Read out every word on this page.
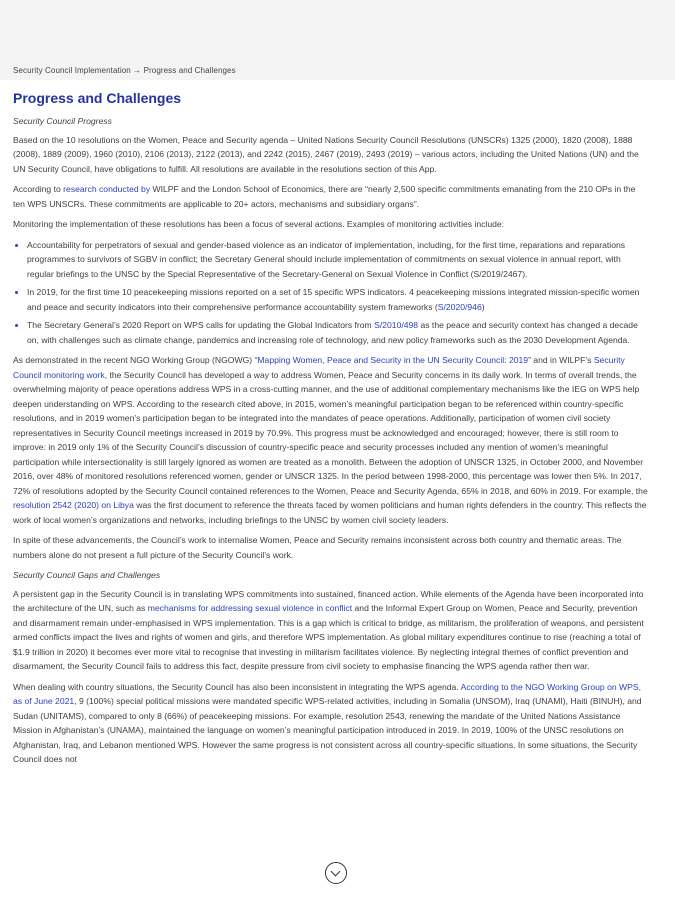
Security Council Implementation → Progress and Challenges
Progress and Challenges

Security Council Progress

Based on the 10 resolutions on the Women, Peace and Security agenda – United Nations Security Council Resolutions (UNSCRs) 1325 (2000), 1820 (2008), 1888 (2008), 1889 (2009), 1960 (2010), 2106 (2013), 2122 (2013), and 2242 (2015), 2467 (2019), 2493 (2019) – various actors, including the United Nations (UN) and the UN Security Council, have obligations to fulfill. All resolutions are available in the resolutions section of this App.

According to research conducted by WILPF and the London School of Economics, there are “nearly 2,500 specific commitments emanating from the 210 OPs in the ten WPS UNSCRs. These commitments are applicable to 20+ actors, mechanisms and subsidiary organs”.

Monitoring the implementation of these resolutions has been a focus of several actions. Examples of monitoring activities include:

Accountability for perpetrators of sexual and gender-based violence as an indicator of implementation, including, for the first time, reparations and reparations programmes to survivors of SGBV in conflict; the Secretary General should include implementation of commitments on sexual violence in annual report, with regular briefings to the UNSC by the Special Representative of the Secretary-General on Sexual Violence in Conflict (S/2019/2467).
In 2019, for the first time 10 peacekeeping missions reported on a set of 15 specific WPS indicators. 4 peacekeeping missions integrated mission-specific women and peace and security indicators into their comprehensive performance accountability system frameworks (S/2020/946)
The Secretary General’s 2020 Report on WPS calls for updating the Global Indicators from S/2010/498 as the peace and security context has changed a decade on, with challenges such as climate change, pandemics and increasing role of technology, and new policy frameworks such as the 2030 Development Agenda.

As demonstrated in the recent NGO Working Group (NGOWG) “Mapping Women, Peace and Security in the UN Security Council: 2019” and in WILPF’s Security Council monitoring work, the Security Council has developed a way to address Women, Peace and Security concerns in its daily work. In terms of overall trends, the overwhelming majority of peace operations address WPS in a cross-cutting manner, and the use of additional complementary mechanisms like the IEG on WPS help deepen understanding on WPS. According to the research cited above, in 2015, women’s meaningful participation began to be referenced within country-specific resolutions, and in 2019 women’s participation began to be integrated into the mandates of peace operations. Additionally, participation of women civil society representatives in Security Council meetings increased in 2019 by 70.9%. This progress must be acknowledged and encouraged; however, there is still room to improve: in 2019 only 1% of the Security Council’s discussion of country-specific peace and security processes included any mention of women’s meaningful participation while intersectionality is still largely ignored as women are treated as a monolith. Between the adoption of UNSCR 1325, in October 2000, and November 2016, over 48% of monitored resolutions referenced women, gender or UNSCR 1325. In the period between 1998-2000, this percentage was lower then 5%. In 2017, 72% of resolutions adopted by the Security Council contained references to the Women, Peace and Security Agenda, 65% in 2018, and 60% in 2019. For example, the resolution 2542 (2020) on Libya was the first document to reference the threats faced by women politicians and human rights defenders in the country. This reflects the work of local women’s organizations and networks, including briefings to the UNSC by women civil society leaders.

In spite of these advancements, the Council’s work to internalise Women, Peace and Security remains inconsistent across both country and thematic areas. The numbers alone do not present a full picture of the Security Council’s work.

Security Council Gaps and Challenges

A persistent gap in the Security Council is in translating WPS commitments into sustained, financed action. While elements of the Agenda have been incorporated into the architecture of the UN, such as mechanisms for addressing sexual violence in conflict and the Informal Expert Group on Women, Peace and Security, prevention and disarmament remain under-emphasised in WPS implementation. This is a gap which is critical to bridge, as militarism, the proliferation of weapons, and persistent armed conflicts impact the lives and rights of women and girls, and therefore WPS implementation. As global military expenditures continue to rise (reaching a total of $1.9 trillion in 2020) it becomes ever more vital to recognise that investing in militarism facilitates violence. By neglecting integral themes of conflict prevention and disarmament, the Security Council fails to address this fact, despite pressure from civil society to emphasise financing the WPS agenda rather then war.

When dealing with country situations, the Security Council has also been inconsistent in integrating the WPS agenda. According to the NGO Working Group on WPS, as of June 2021, 9 (100%) special political missions were mandated specific WPS-related activities, including in Somalia (UNSOM), Iraq (UNAMI), Haiti (BINUH), and Sudan (UNITAMS), compared to only 8 (66%) of peacekeeping missions. For example, resolution 2543, renewing the mandate of the United Nations Assistance Mission in Afghanistan’s (UNAMA), maintained the language on women’s meaningful participation introduced in 2019. In 2019, 100% of the UNSC resolutions on Afghanistan, Iraq, and Lebanon mentioned WPS. However the same progress is not consistent across all country-specific situations. In some situations, the Security Council does not
